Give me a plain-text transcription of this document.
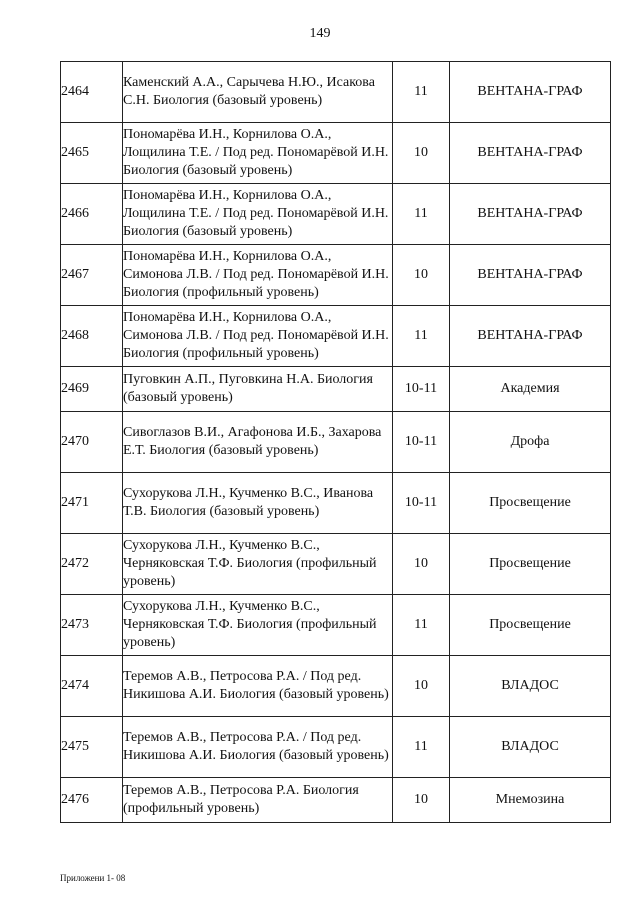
149
2464	Каменский А.А., Сарычева Н.Ю., Исакова С.Н. Биология (базовый уровень)	11	ВЕНТАНА-ГРАФ
2465	Пономарёва И.Н., Корнилова О.А., Лощилина Т.Е. / Под ред. Пономарёвой И.Н. Биология (базовый уровень)	10	ВЕНТАНА-ГРАФ
2466	Пономарёва И.Н., Корнилова О.А., Лощилина Т.Е. / Под ред. Пономарёвой И.Н. Биология (базовый уровень)	11	ВЕНТАНА-ГРАФ
2467	Пономарёва И.Н., Корнилова О.А., Симонова Л.В. / Под ред. Пономарёвой И.Н. Биология (профильный уровень)	10	ВЕНТАНА-ГРАФ
2468	Пономарёва И.Н., Корнилова О.А., Симонова Л.В. / Под ред. Пономарёвой И.Н. Биология (профильный уровень)	11	ВЕНТАНА-ГРАФ
2469	Пуговкин А.П., Пуговкина Н.А. Биология (базовый уровень)	10-11	Академия
2470	Сивоглазов В.И., Агафонова И.Б., Захарова Е.Т. Биология (базовый уровень)	10-11	Дрофа
2471	Сухорукова Л.Н., Кучменко В.С., Иванова Т.В. Биология (базовый уровень)	10-11	Просвещение
2472	Сухорукова Л.Н., Кучменко В.С., Черняковская Т.Ф. Биология (профильный уровень)	10	Просвещение
2473	Сухорукова Л.Н., Кучменко В.С., Черняковская Т.Ф. Биология (профильный уровень)	11	Просвещение
2474	Теремов А.В., Петросова Р.А. / Под ред. Никишова А.И. Биология (базовый уровень)	10	ВЛАДОС
2475	Теремов А.В., Петросова Р.А. / Под ред. Никишова А.И. Биология (базовый уровень)	11	ВЛАДОС
2476	Теремов А.В., Петросова Р.А. Биология (профильный уровень)	10	Мнемозина
Приложени 1- 08
